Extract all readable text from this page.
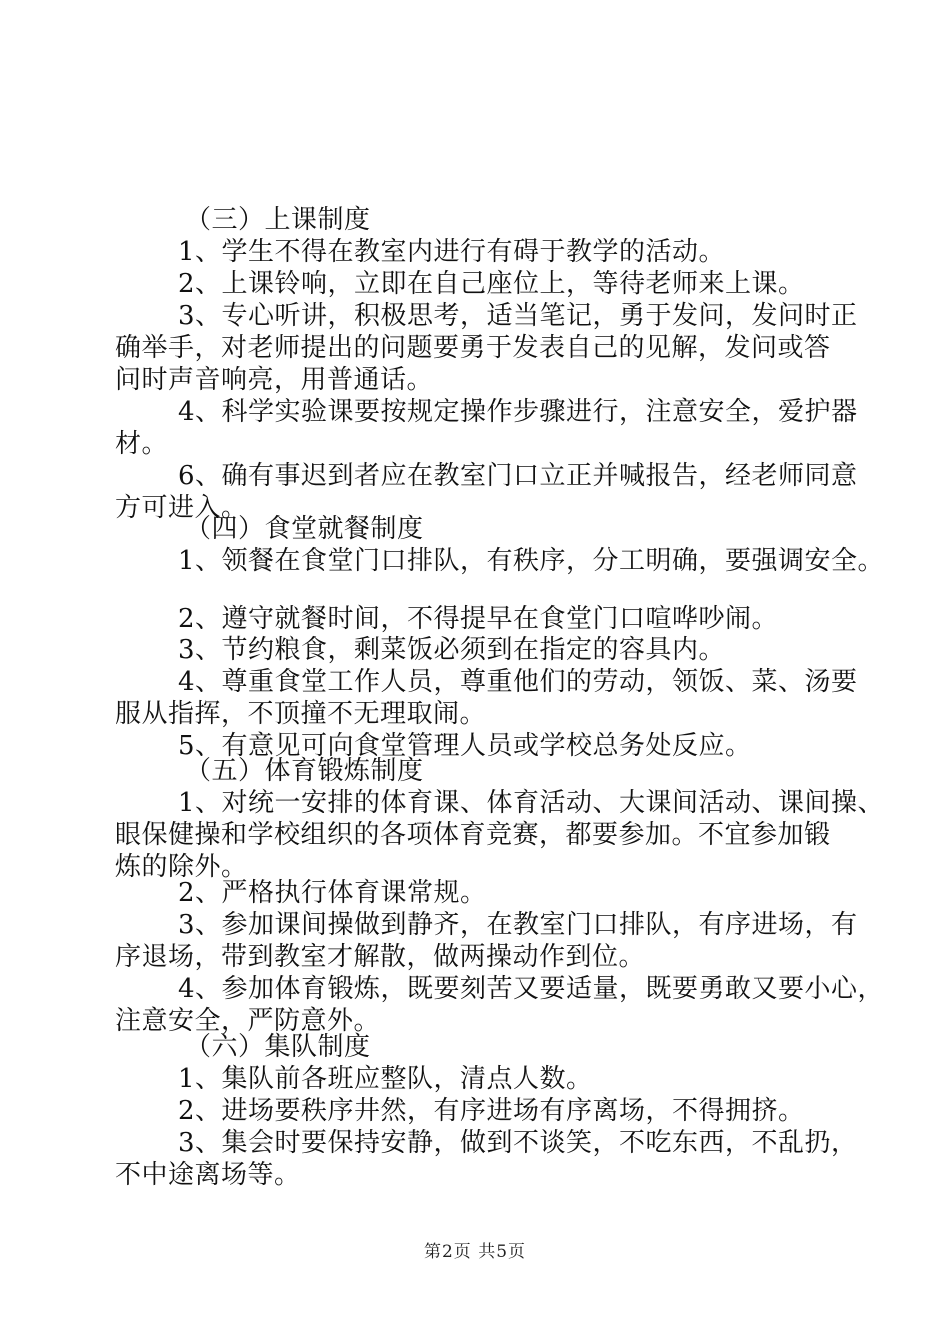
（三）上课制度
1、学生不得在教室内进行有碍于教学的活动。
2、上课铃响，立即在自己座位上，等待老师来上课。
3、专心听讲，积极思考，适当笔记，勇于发问，发问时正
确举手，对老师提出的问题要勇于发表自己的见解，发问或答
问时声音响亮，用普通话。
4、科学实验课要按规定操作步骤进行，注意安全，爱护器
材。
6、确有事迟到者应在教室门口立正并喊报告，经老师同意
方可进入。
（四）食堂就餐制度
1、领餐在食堂门口排队，有秩序，分工明确，要强调安全。
2、遵守就餐时间，不得提早在食堂门口喧哗吵闹。
3、节约粮食，剩菜饭必须到在指定的容具内。
4、尊重食堂工作人员，尊重他们的劳动，领饭、菜、汤要
服从指挥，不顶撞不无理取闹。
5、有意见可向食堂管理人员或学校总务处反应。
（五）体育锻炼制度
1、对统一安排的体育课、体育活动、大课间活动、课间操、
眼保健操和学校组织的各项体育竞赛，都要参加。不宜参加锻
炼的除外。
2、严格执行体育课常规。
3、参加课间操做到静齐，在教室门口排队，有序进场，有
序退场，带到教室才解散，做两操动作到位。
4、参加体育锻炼，既要刻苦又要适量，既要勇敢又要小心，
注意安全，严防意外。
（六）集队制度
1、集队前各班应整队，清点人数。
2、进场要秩序井然，有序进场有序离场，不得拥挤。
3、集会时要保持安静，做到不谈笑，不吃东西，不乱扔，
不中途离场等。
第2页 共5页
